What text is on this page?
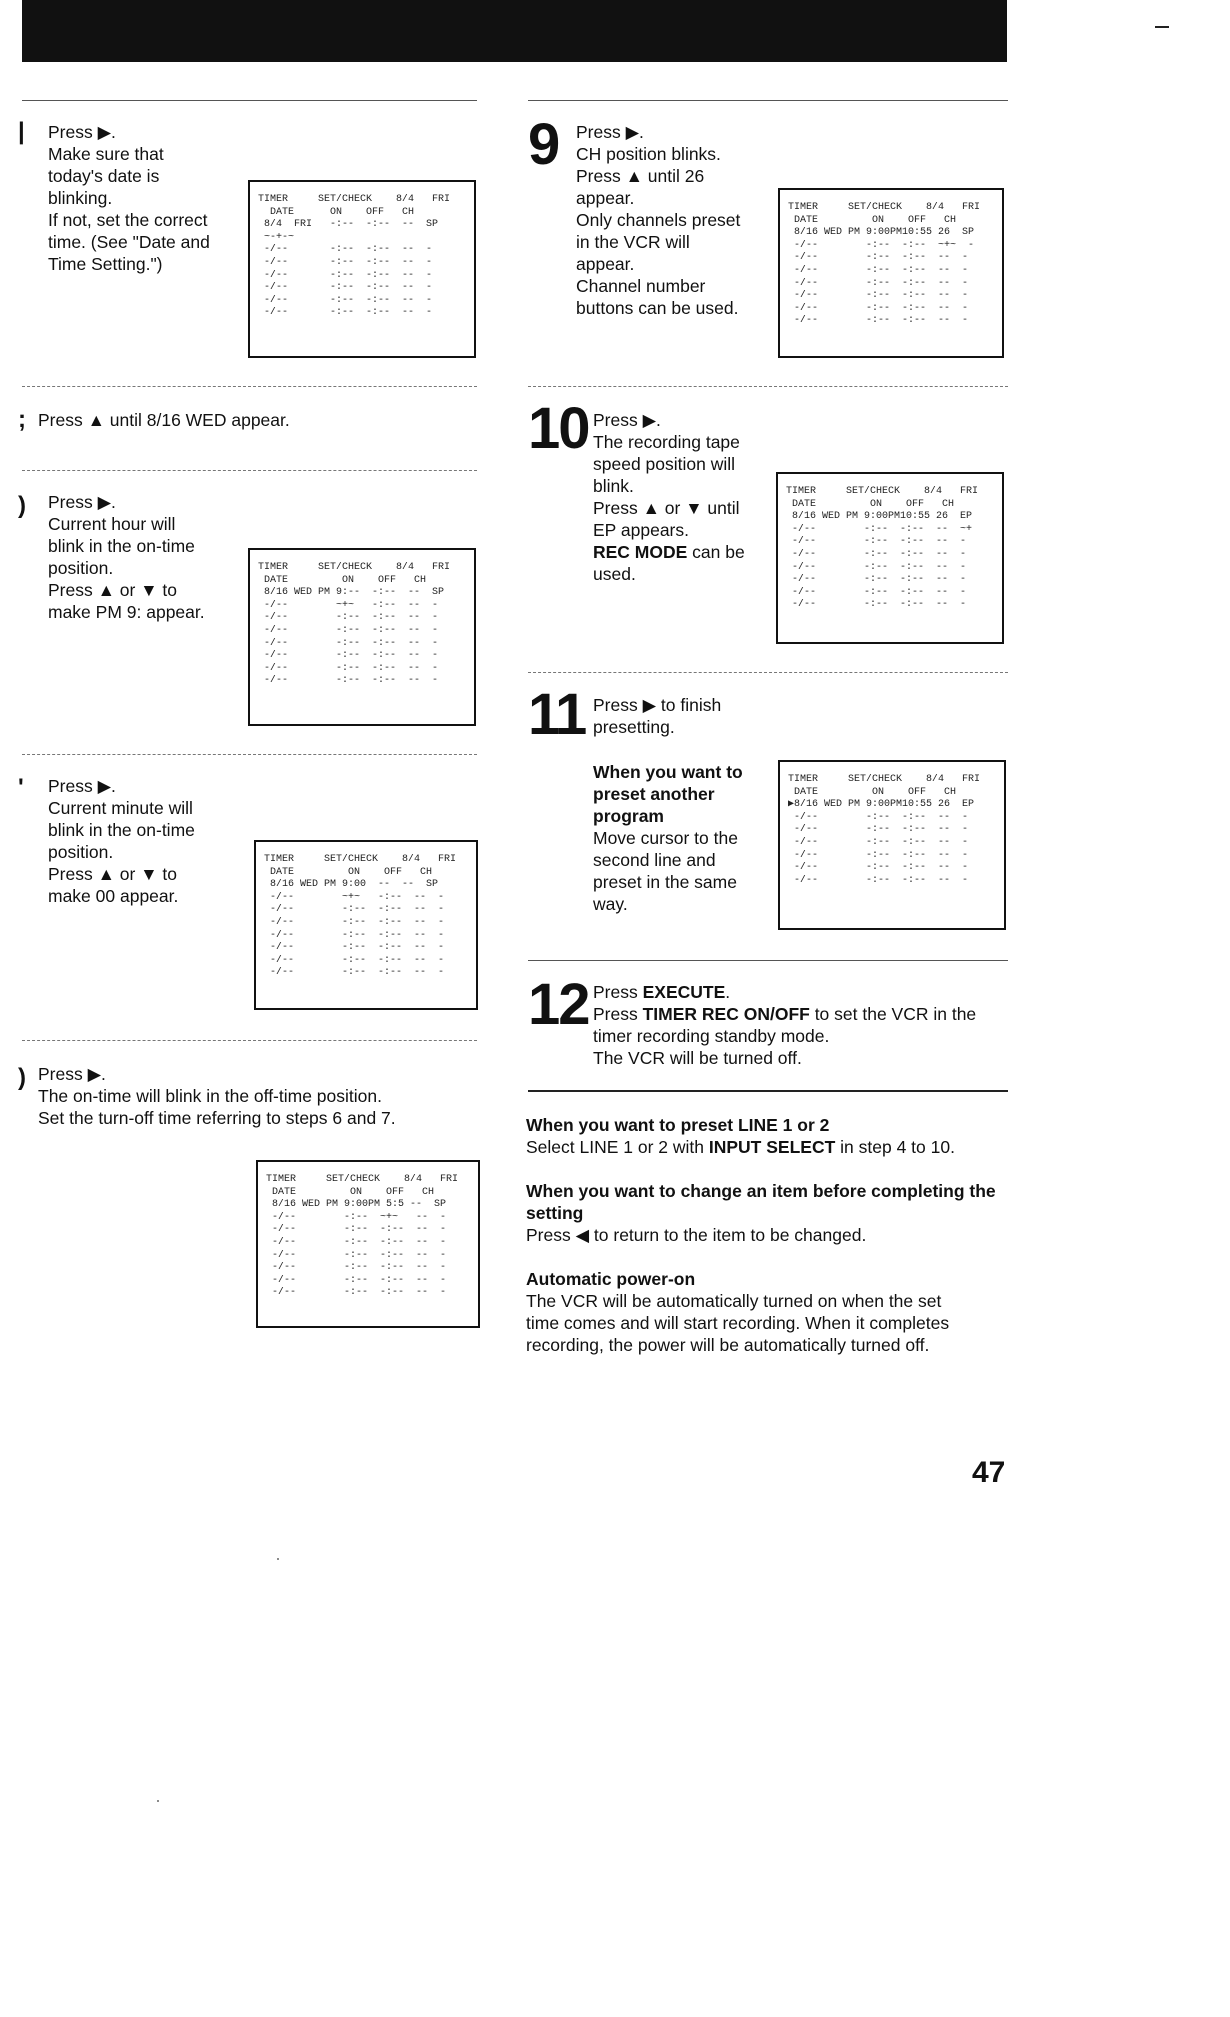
| Press ▶.
Make sure that
today's date is
blinking.
If not, set the correct
time. (See "Date and
Time Setting.")
TIMER     SET/CHECK    8/4   FRI
DATE      ON    OFF   CH
8/4  FRI   -:--  -:--  --  SP
~-+-~
-/--       -:--  -:--  --  -
-/--       -:--  -:--  --  -
-/--       -:--  -:--  --  -
-/--       -:--  -:--  --  -
-/--       -:--  -:--  --  -
-/--       -:--  -:--  --  -
; Press ▲ until 8/16 WED appear.
) Press ▶.
Current hour will
blink in the on-time
position.
Press ▲ or ▼ to
make PM 9: appear.
TIMER     SET/CHECK    8/4   FRI
DATE         ON    OFF   CH
8/16 WED PM 9:--  -:--  --  SP
-/--        ~+~   -:--  --  -
-/--        -:--  -:--  --  -
-/--        -:--  -:--  --  -
-/--        -:--  -:--  --  -
-/--        -:--  -:--  --  -
-/--        -:--  -:--  --  -
-/--        -:--  -:--  --  -
' Press ▶.
Current minute will
blink in the on-time
position.
Press ▲ or ▼ to
make 00 appear.
TIMER     SET/CHECK    8/4   FRI
DATE         ON    OFF   CH
8/16 WED PM 9:00  --  --  SP
-/--        ~+~   -:--  --  -
-/--        -:--  -:--  --  -
-/--        -:--  -:--  --  -
-/--        -:--  -:--  --  -
-/--        -:--  -:--  --  -
-/--        -:--  -:--  --  -
-/--        -:--  -:--  --  -
) Press ▶.
The on-time will blink in the off-time position.
Set the turn-off time referring to steps 6 and 7.
TIMER     SET/CHECK    8/4   FRI
DATE         ON    OFF   CH
8/16 WED PM 9:00PM 5:5 --  SP
-/--        -:--  ~+~   --  -
-/--        -:--  -:--  --  -
-/--        -:--  -:--  --  -
-/--        -:--  -:--  --  -
-/--        -:--  -:--  --  -
-/--        -:--  -:--  --  -
-/--        -:--  -:--  --  -
9 Press ▶.
CH position blinks.
Press ▲ until 26
appear.
Only channels preset
in the VCR will
appear.
Channel number
buttons can be used.
TIMER     SET/CHECK    8/4   FRI
DATE         ON    OFF   CH
8/16 WED PM 9:00PM10:55 26  SP
-/--        -:--  -:--  ~+~  -
-/--        -:--  -:--  --  -
-/--        -:--  -:--  --  -
-/--        -:--  -:--  --  -
-/--        -:--  -:--  --  -
-/--        -:--  -:--  --  -
-/--        -:--  -:--  --  -
10 Press ▶.
The recording tape
speed position will
blink.
Press ▲ or ▼ until
EP appears.
REC MODE can be
used.
TIMER     SET/CHECK    8/4   FRI
DATE         ON    OFF   CH
8/16 WED PM 9:00PM10:55 26  EP
-/--        -:--  -:--  --  ~+
-/--        -:--  -:--  --  -
-/--        -:--  -:--  --  -
-/--        -:--  -:--  --  -
-/--        -:--  -:--  --  -
-/--        -:--  -:--  --  -
-/--        -:--  -:--  --  -
11 Press ▶ to finish
presetting.
When you want to
preset another
program
Move cursor to the
second line and
preset in the same
way.
TIMER     SET/CHECK    8/4   FRI
DATE         ON    OFF   CH
▶8/16 WED PM 9:00PM10:55 26  EP
-/--        -:--  -:--  --  -
-/--        -:--  -:--  --  -
-/--        -:--  -:--  --  -
-/--        -:--  -:--  --  -
-/--        -:--  -:--  --  -
-/--        -:--  -:--  --  -
12 Press EXECUTE.
Press TIMER REC ON/OFF to set the VCR in the
timer recording standby mode.
The VCR will be turned off.
When you want to preset LINE 1 or 2
Select LINE 1 or 2 with INPUT SELECT in step 4 to 10.
When you want to change an item before completing the
setting
Press ◀ to return to the item to be changed.
Automatic power-on
The VCR will be automatically turned on when the set
time comes and will start recording. When it completes
recording, the power will be automatically turned off.
47
